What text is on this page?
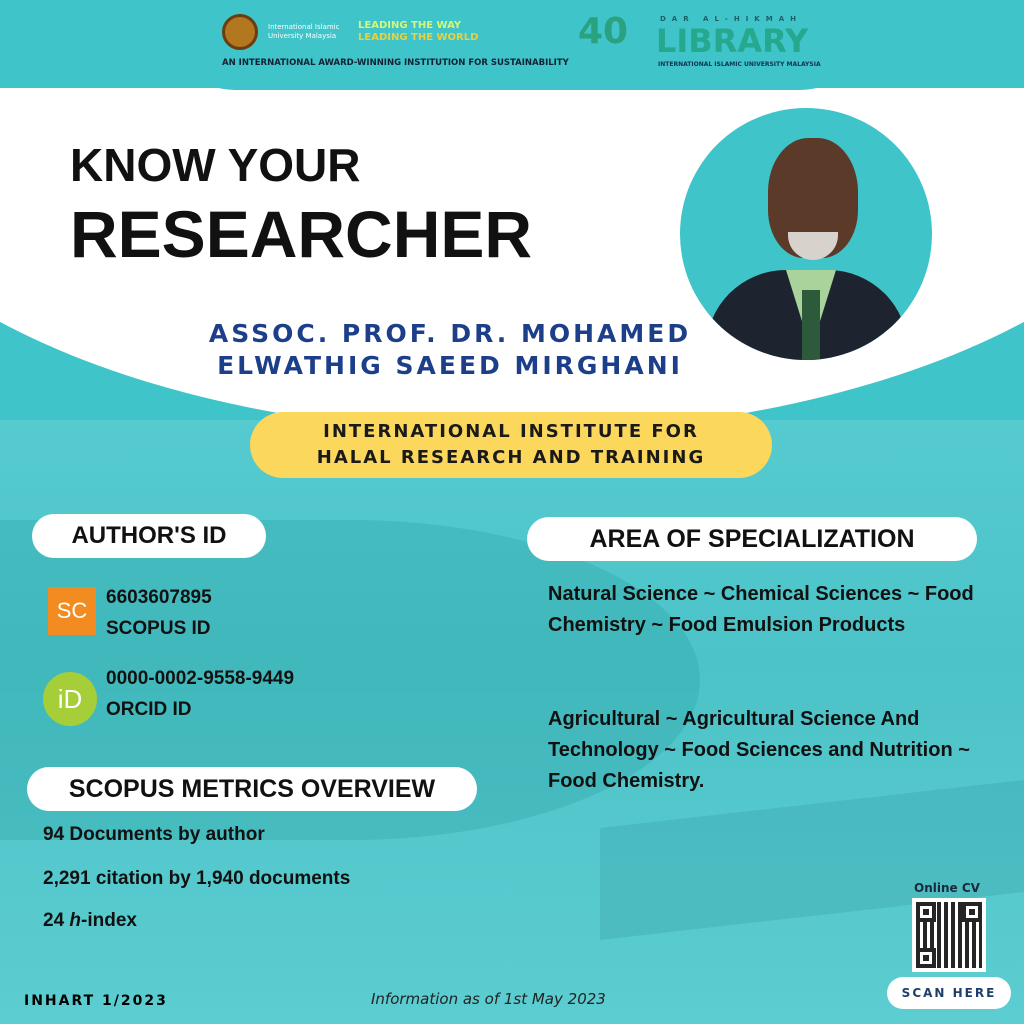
International Islamic University Malaysia
LEADING THE WAY
LEADING THE WORLD
AN INTERNATIONAL AWARD-WINNING INSTITUTION FOR SUSTAINABILITY
40	DAR AL-HIKMAH
LIBRARY
INTERNATIONAL ISLAMIC UNIVERSITY MALAYSIA
KNOW YOUR
RESEARCHER
ASSOC. PROF. DR. MOHAMED
ELWATHIG SAEED MIRGHANI
INTERNATIONAL INSTITUTE FOR
HALAL RESEARCH AND TRAINING
AUTHOR'S ID
SC
6603607895
SCOPUS ID
iD
0000-0002-9558-9449
ORCID ID
SCOPUS METRICS OVERVIEW
94 Documents by author
2,291 citation by 1,940 documents
24 h-index
AREA OF SPECIALIZATION
Natural Science ~ Chemical Sciences ~ Food Chemistry ~ Food Emulsion Products
Agricultural ~ Agricultural Science And Technology ~ Food Sciences and Nutrition ~ Food Chemistry.
INHART 1/2023	Information as of 1st May 2023
Online CV
SCAN HERE
